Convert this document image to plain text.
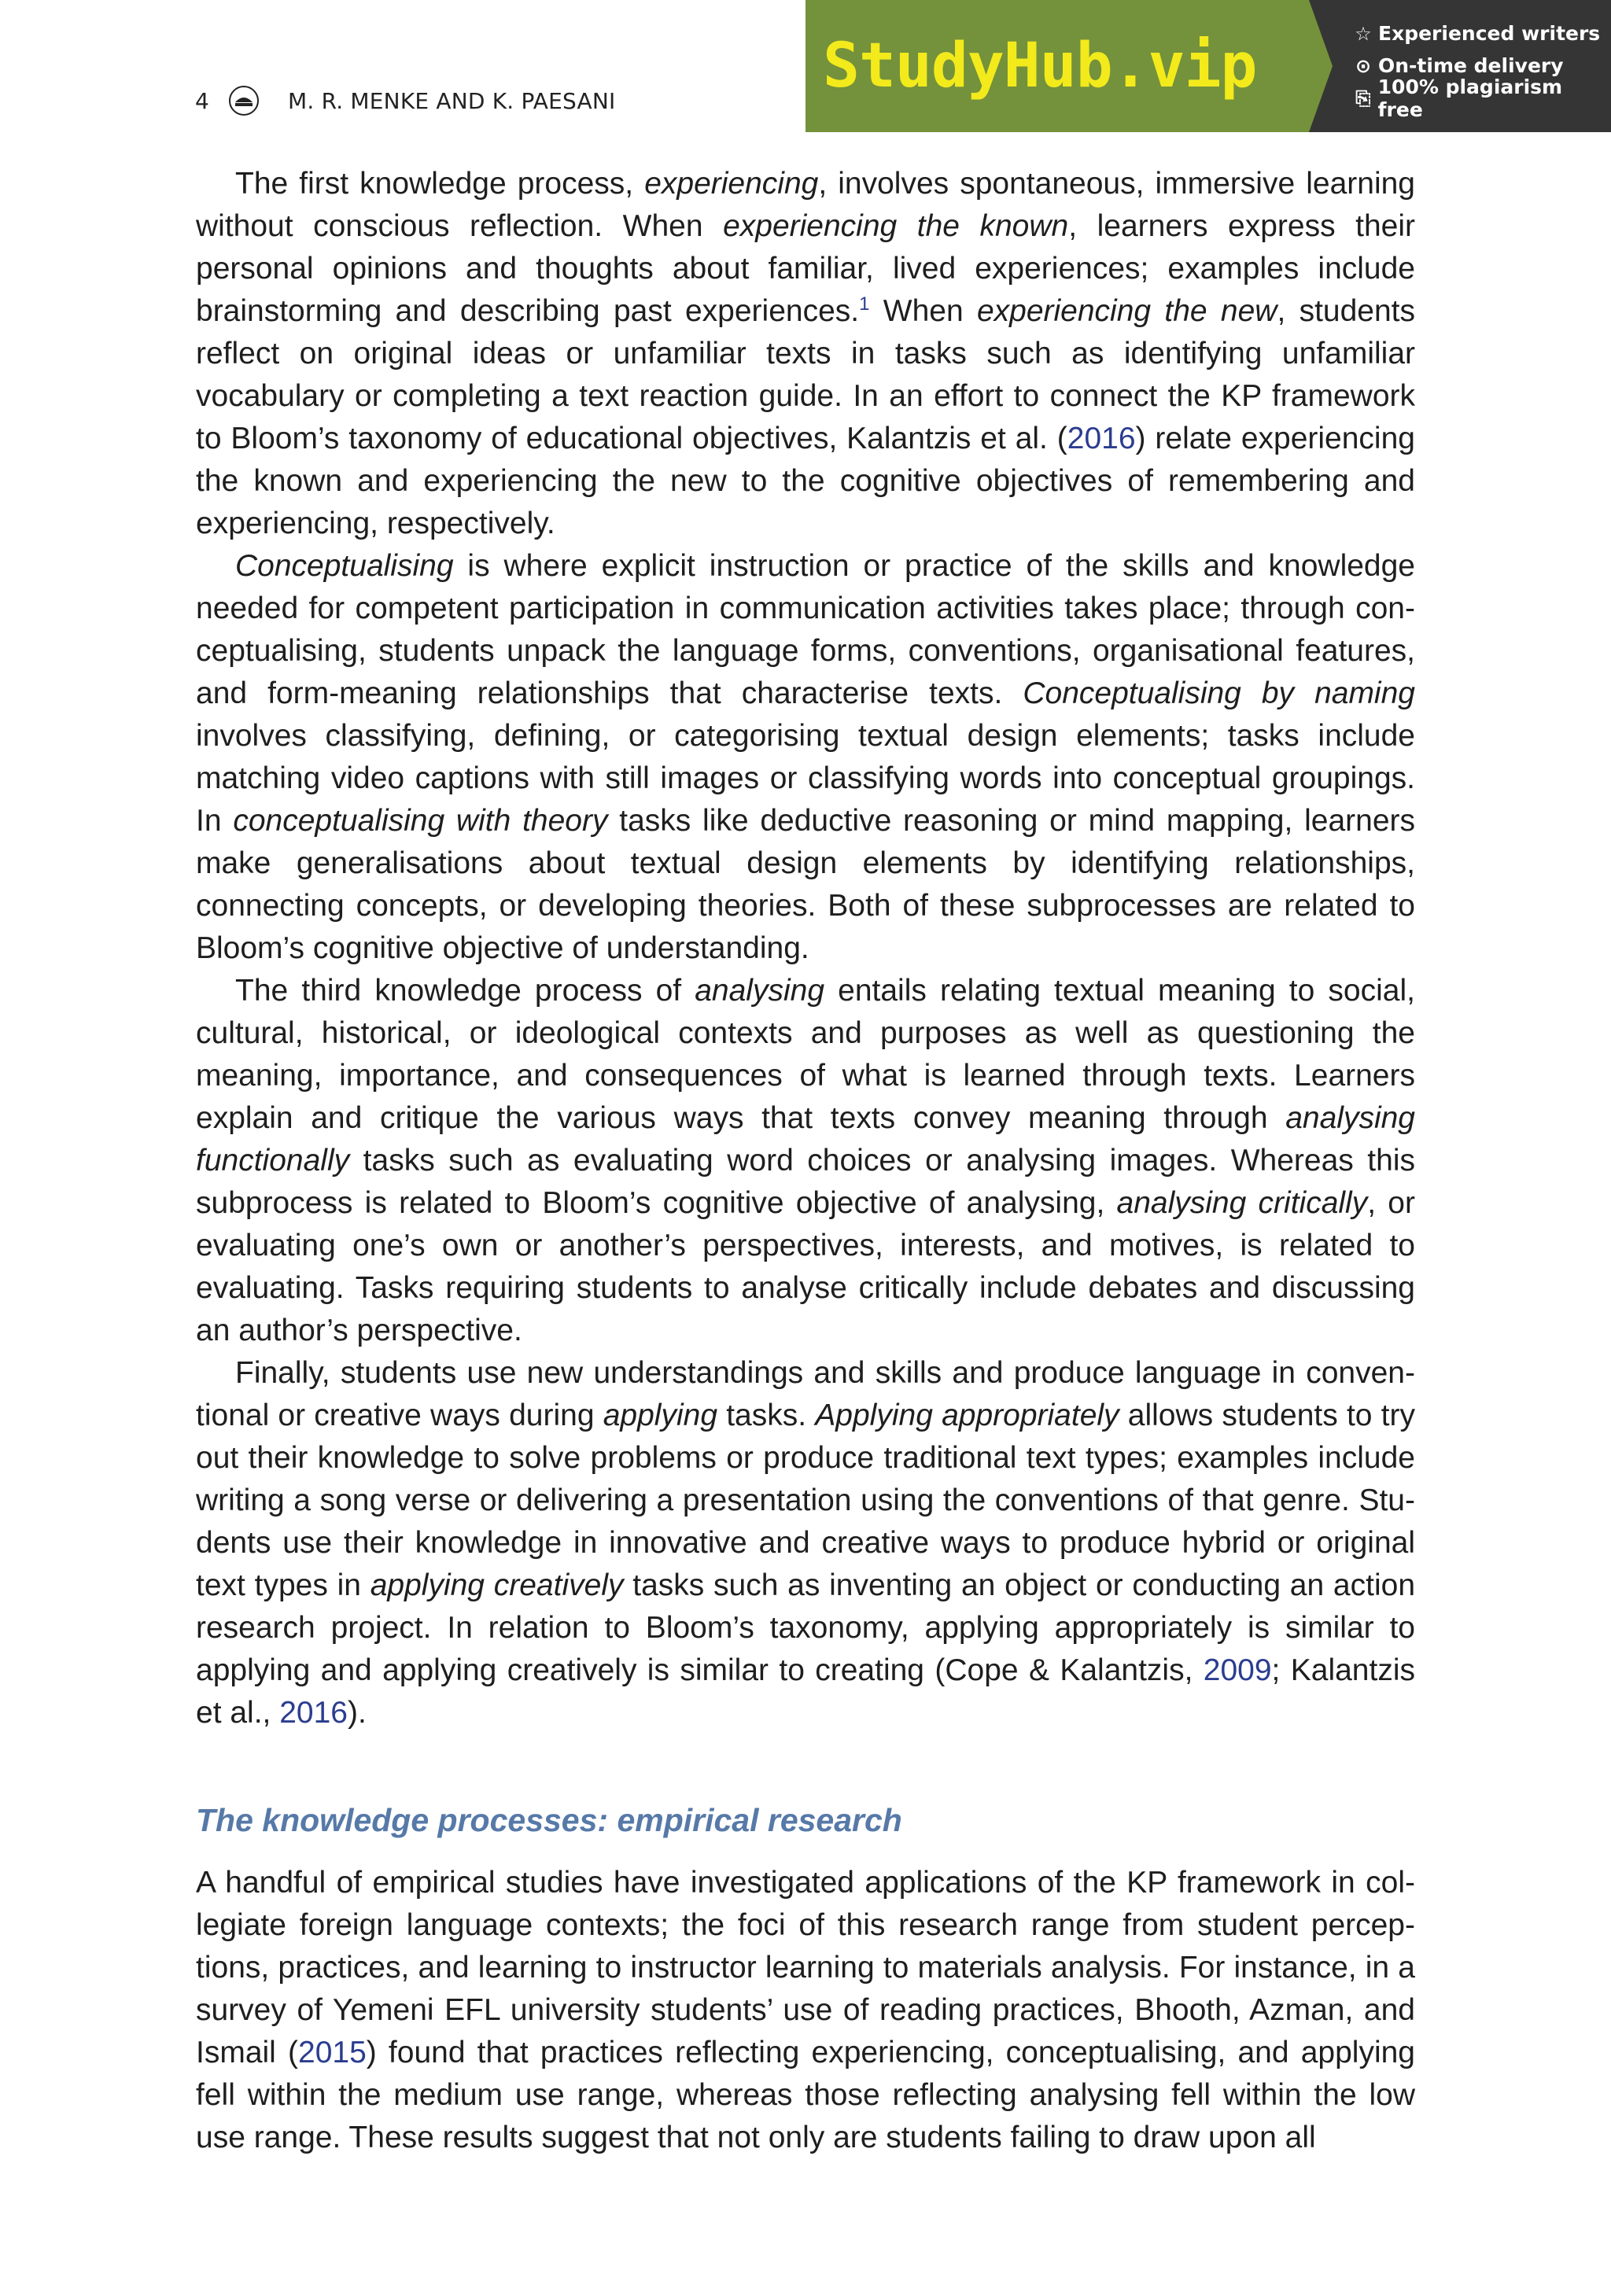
4	M. R. MENKE AND K. PAESANI	StudyHub.vip	☆ Experienced writers
⊙ On-time delivery
⎘ 100% plagiarism free

The first knowledge process, experiencing, involves spontaneous, immersive learning without conscious reflection. When experiencing the known, learners express their personal opinions and thoughts about familiar, lived experiences; examples include brainstorming and describing past experiences.$^1$ When experiencing the new, students reflect on original ideas or unfamiliar texts in tasks such as identifying unfamiliar vocabulary or completing a text reaction guide. In an effort to connect the KP framework to Bloom’s taxonomy of educational objectives, Kalantzis et al. (2016) relate experiencing the known and experiencing the new to the cognitive objectives of remembering and experiencing, respectively.

Conceptualising is where explicit instruction or practice of the skills and knowledge needed for competent participation in communication activities takes place; through conceptualising, students unpack the language forms, conventions, organisational features, and form-meaning relationships that characterise texts. Conceptualising by naming involves classifying, defining, or categorising textual design elements; tasks include matching video captions with still images or classifying words into conceptual groupings. In conceptualising with theory tasks like deductive reasoning or mind mapping, learners make generalisations about textual design elements by identifying relationships, connecting concepts, or developing theories. Both of these subprocesses are related to Bloom’s cognitive objective of understanding.

The third knowledge process of analysing entails relating textual meaning to social, cultural, historical, or ideological contexts and purposes as well as questioning the meaning, importance, and consequences of what is learned through texts. Learners explain and critique the various ways that texts convey meaning through analysing functionally tasks such as evaluating word choices or analysing images. Whereas this subprocess is related to Bloom’s cognitive objective of analysing, analysing critically, or evaluating one’s own or another’s perspectives, interests, and motives, is related to evaluating. Tasks requiring students to analyse critically include debates and discussing an author’s perspective.

Finally, students use new understandings and skills and produce language in conventional or creative ways during applying tasks. Applying appropriately allows students to try out their knowledge to solve problems or produce traditional text types; examples include writing a song verse or delivering a presentation using the conventions of that genre. Students use their knowledge in innovative and creative ways to produce hybrid or original text types in applying creatively tasks such as inventing an object or conducting an action research project. In relation to Bloom’s taxonomy, applying appropriately is similar to applying and applying creatively is similar to creating (Cope & Kalantzis, 2009; Kalantzis et al., 2016).

The knowledge processes: empirical research

A handful of empirical studies have investigated applications of the KP framework in collegiate foreign language contexts; the foci of this research range from student perceptions, practices, and learning to instructor learning to materials analysis. For instance, in a survey of Yemeni EFL university students’ use of reading practices, Bhooth, Azman, and Ismail (2015) found that practices reflecting experiencing, conceptualising, and applying fell within the medium use range, whereas those reflecting analysing fell within the low use range. These results suggest that not only are students failing to draw upon all
